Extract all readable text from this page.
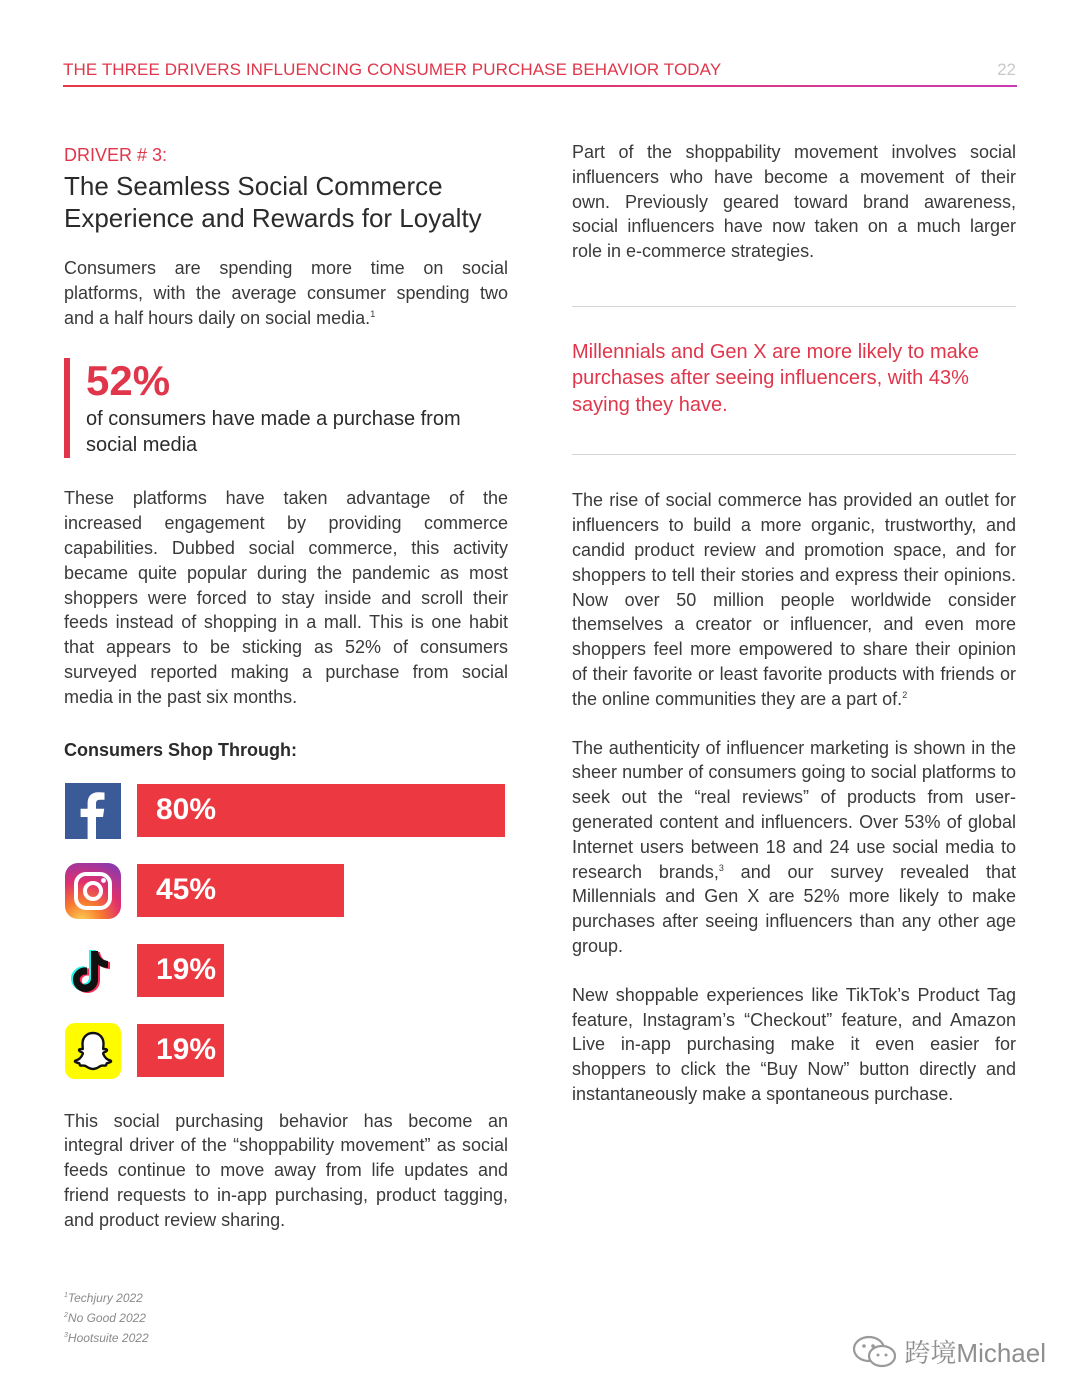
THE THREE DRIVERS INFLUENCING CONSUMER PURCHASE BEHAVIOR TODAY	22
DRIVER # 3:
The Seamless Social Commerce
Experience and Rewards for Loyalty

Consumers are spending more time on social platforms, with the average consumer spending two and a half hours daily on social media.$^1$

52%
of consumers have made a purchase from social media

These platforms have taken advantage of the increased engagement by providing commerce capabilities. Dubbed social commerce, this activity became quite popular during the pandemic as most shoppers were forced to stay inside and scroll their feeds instead of shopping in a mall. This is one habit that appears to be sticking as 52% of consumers surveyed reported making a purchase from social media in the past six months.

Consumers Shop Through:
80%
45%
19%
19%

This social purchasing behavior has become an integral driver of the “shoppability movement” as social feeds continue to move away from life updates and friend requests to in-app purchasing, product tagging, and product review sharing.

$^1$Techjury 2022
$^2$No Good 2022
$^3$Hootsuite 2022

Part of the shoppability movement involves social influencers who have become a movement of their own. Previously geared toward brand awareness, social influencers have now taken on a much larger role in e-commerce strategies.

Millennials and Gen X are more likely to make purchases after seeing influencers, with 43% saying they have.

The rise of social commerce has provided an outlet for influencers to build a more organic, trustworthy, and candid product review and promotion space, and for shoppers to tell their stories and express their opinions. Now over 50 million people worldwide consider themselves a creator or influencer, and even more shoppers feel more empowered to share their opinion of their favorite or least favorite products with friends or the online communities they are a part of.$^2$

The authenticity of influencer marketing is shown in the sheer number of consumers going to social platforms to seek out the “real reviews” of products from user-generated content and influencers. Over 53% of global Internet users between 18 and 24 use social media to research brands,$^3$ and our survey revealed that Millennials and Gen X are 52% more likely to make purchases after seeing influencers than any other age group.

New shoppable experiences like TikTok’s Product Tag feature, Instagram’s “Checkout” feature, and Amazon Live in-app purchasing make it even easier for shoppers to click the “Buy Now” button directly and instantaneously make a spontaneous purchase.

跨境Michael
